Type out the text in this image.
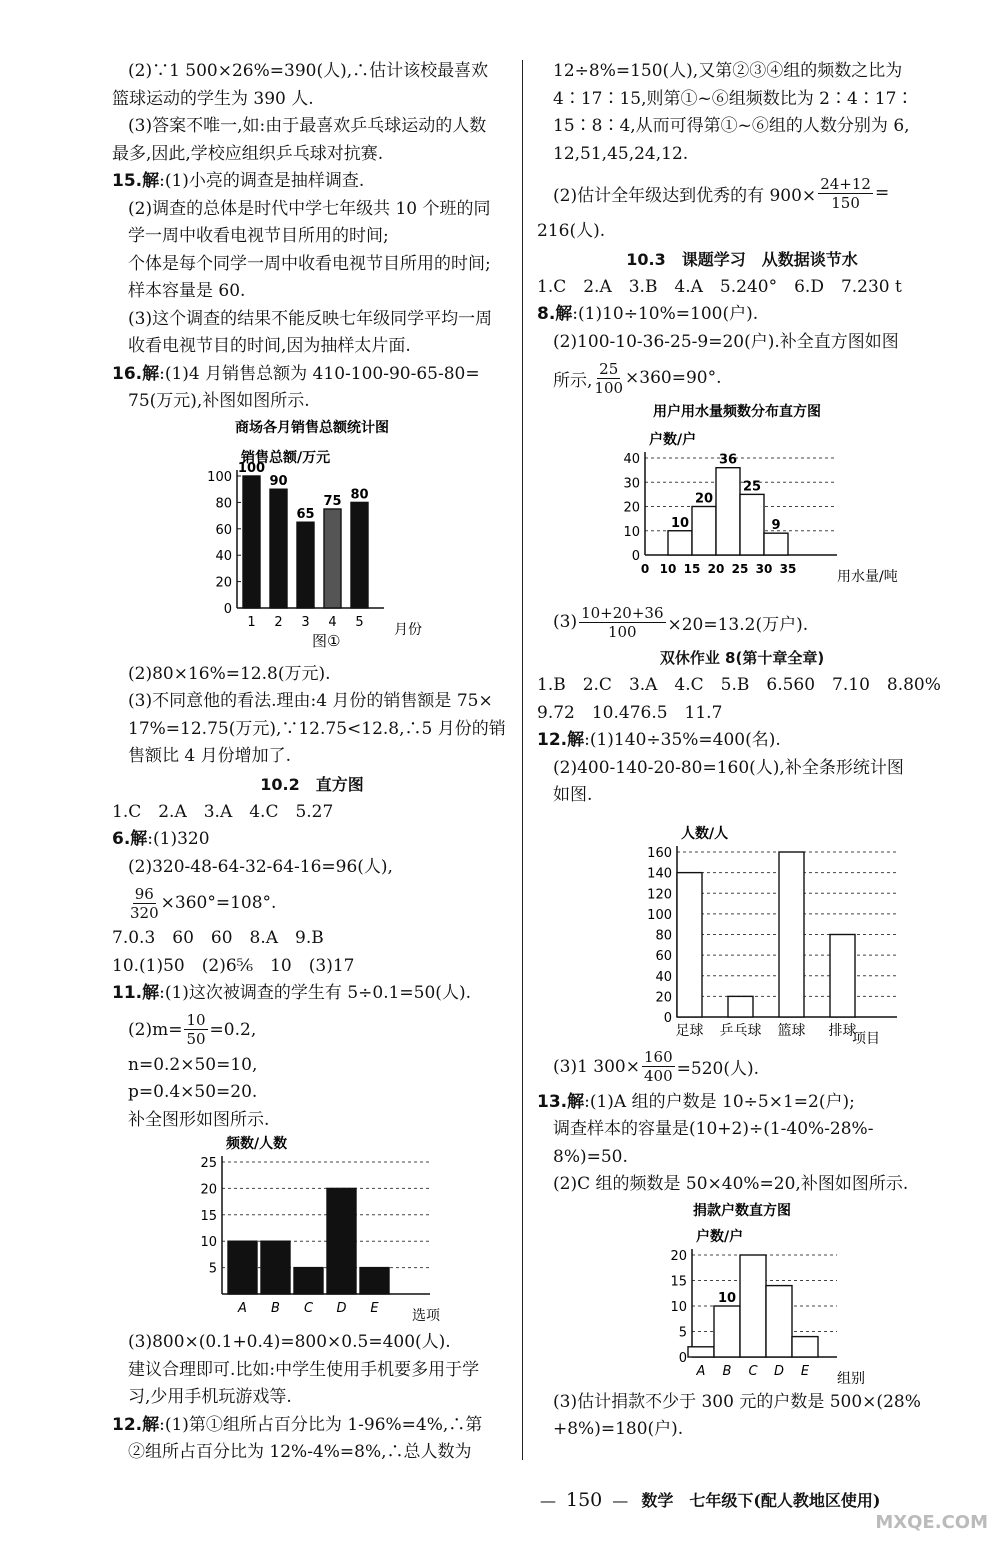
(2)∵1 500×26%=390(人),∴估计该校最喜欢
篮球运动的学生为 390 人.
(3)答案不唯一,如:由于最喜欢乒乓球运动的人数
最多,因此,学校应组织乒乓球对抗赛.
15.解:(1)小亮的调查是抽样调查.
(2)调查的总体是时代中学七年级共 10 个班的同
学一周中收看电视节目所用的时间;
个体是每个同学一周中收看电视节目所用的时间;
样本容量是 60.
(3)这个调查的结果不能反映七年级同学平均一周
收看电视节目的时间,因为抽样太片面.
16.解:(1)4 月销售总额为 410-100-90-65-80=
75(万元),补图如图所示.
商场各月销售总额统计图
销售总额/万元
0
20
40
60
80
100
月份
100
1
90
2
65
3
75
4
80
5
图①
(2)80×16%=12.8(万元).
(3)不同意他的看法.理由:4 月份的销售额是 75×
17%=12.75(万元),∵12.75<12.8,∴5 月份的销
售额比 4 月份增加了.
10.2　直方图
1.C　2.A　3.A　4.C　5.27
6.解:(1)320
(2)320-48-64-32-64-16=96(人),
$\frac{96}{320} \times 360^\circ=108^\circ$.
7.0.3　60　60　8.A　9.B
10.(1)50　(2)6⅚　10　(3)17
11.解:(1)这次被调查的学生有 5÷0.1=50(人).
$(2)m= \frac{10}{50} =0.2$,
n=0.2×50=10,
p=0.4×50=20.
补全图形如图所示.
频数/人数
5
10
15
20
25
选项
A B C D E
(3)800×(0.1+0.4)=800×0.5=400(人).
建议合理即可.比如:中学生使用手机要多用于学
习,少用手机玩游戏等.
12.解:(1)第①组所占百分比为 1-96%=4%,∴第
②组所占百分比为 12%-4%=8%,∴总人数为
12÷8%=150(人),又第②③④组的频数之比为
4∶17∶15,则第①~⑥组频数比为 2∶4∶17∶
15∶8∶4,从而可得第①~⑥组的人数分别为 6,
12,51,45,24,12.
(2)估计全年级达到优秀的有 $900\times \frac{24+12}{150}$ =
216(人).
10.3　课题学习　从数据谈节水
1.C　2.A　3.B　4.A　5.240°　6.D　7.230 t
8.解:(1)10÷10%=100(户).
(2)100-10-36-25-9=20(户).补全直方图如图
所示, $\frac{25}{100} \times 360=90^\circ$.
用户用水量频数分布直方图
户数/户
0
10
20
30
40
用水量/吨
10
20
36
25
9
0 10 15 20 25 30 35
$(3) \frac{10+20+36}{100} \times 20=13.2$(万户).
双休作业 8(第十章全章)
1.B　2.C　3.A　4.C　5.B　6.560　7.10　8.80%
9.72　10.476.5　11.7
12.解:(1)140÷35%=400(名).
(2)400-140-20-80=160(人),补全条形统计图
如图.
人数/人
0
20
40
60
80
100
120
140
160
项目
足球 乒乓球 篮球 排球
(3)1 $300\times \frac{160}{400} =520$(人).
13.解:(1)A 组的户数是 10÷5×1=2(户);
调查样本的容量是(10+2)÷(1-40%-28%-
8%)=50.
(2)C 组的频数是 50×40%=20,补图如图所示.
捐款户数直方图
户数/户
0
5
10
15
20
组别
A
10
B C D E
(3)估计捐款不少于 300 元的户数是 500×(28%
+8%)=180(户).
— 150 — 数学　七年级下(配人教地区使用)
MXQE.COM
